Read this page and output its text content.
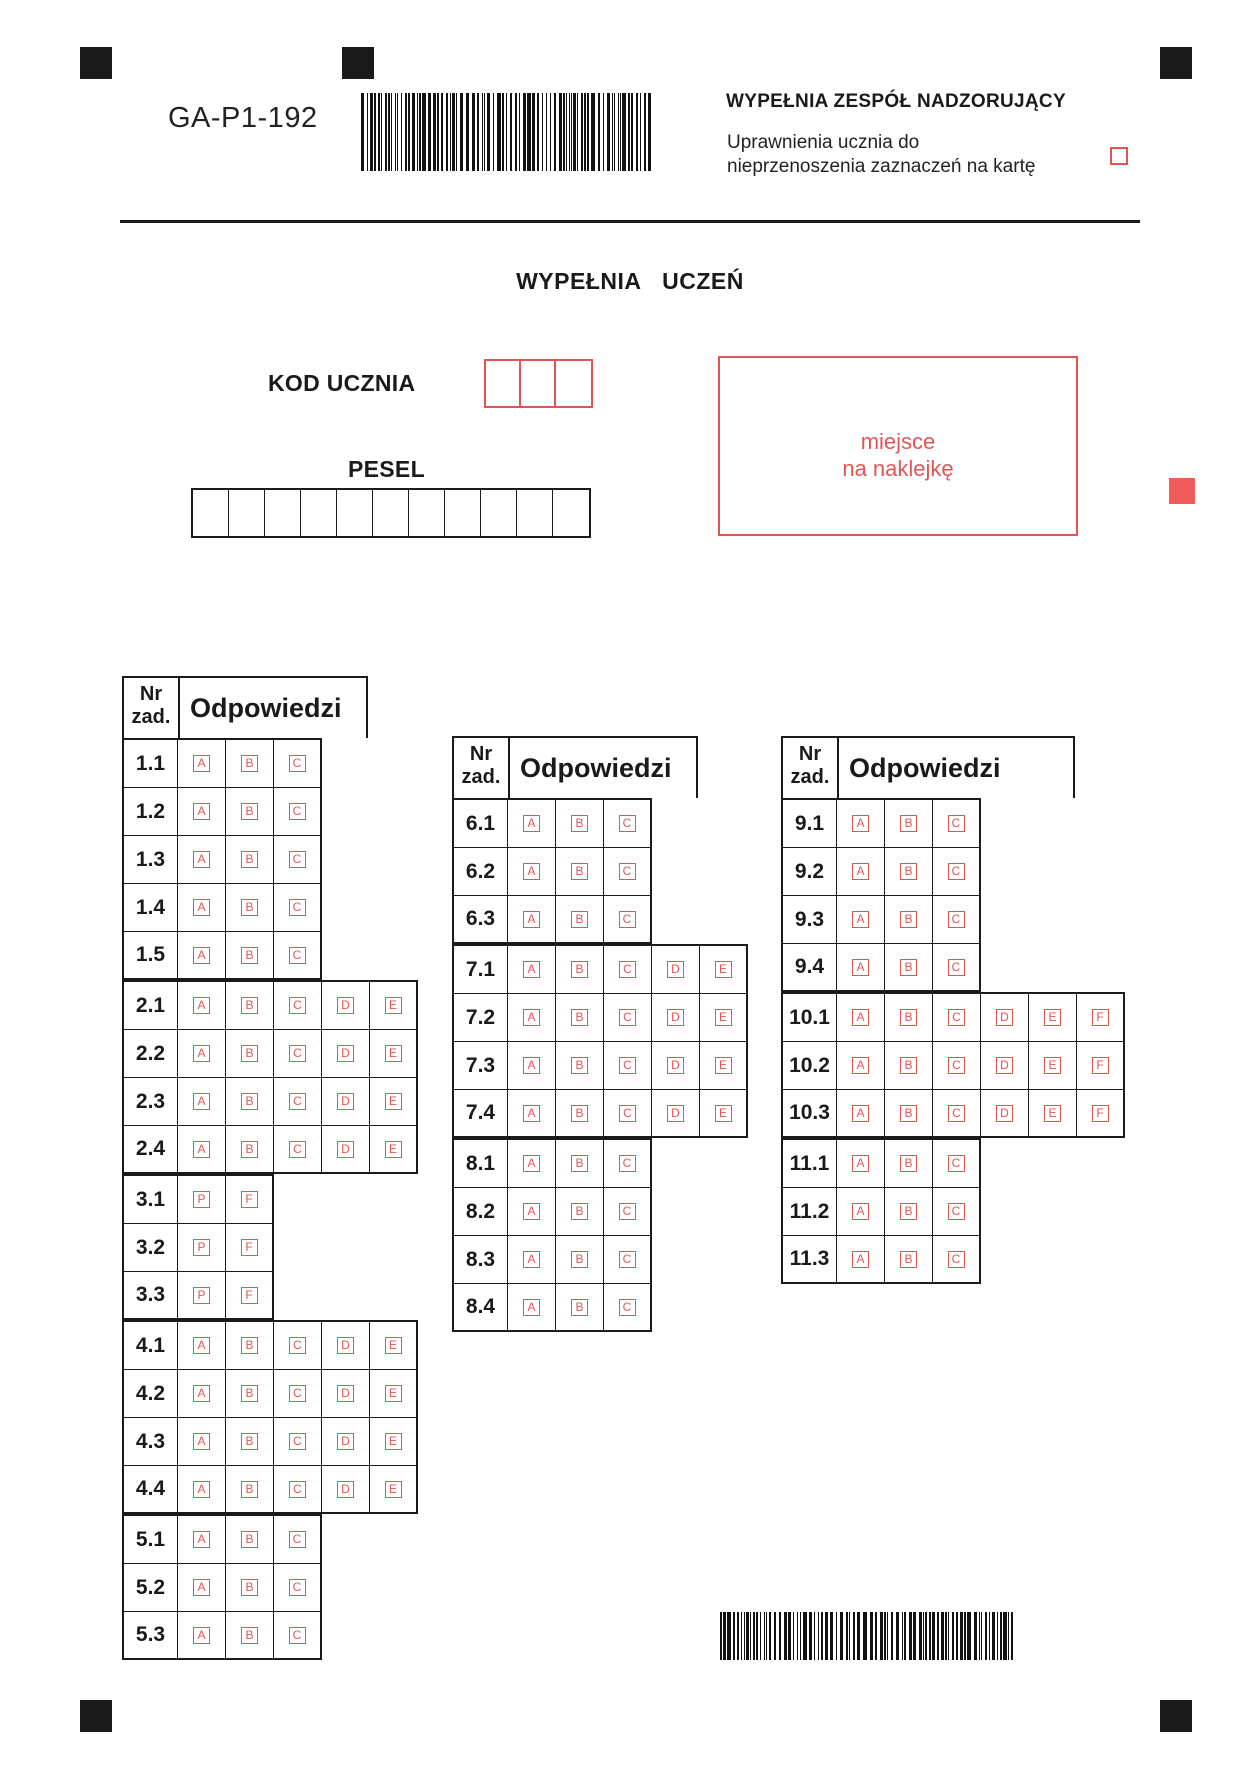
GA-P1-192
WYPEŁNIA ZESPÓŁ NADZORUJĄCY
Uprawnienia ucznia do
nieprzenoszenia zaznaczeń na kartę
WYPEŁNIA UCZEŃ
KOD UCZNIA
PESEL
miejsce
na naklejkę
Nr
zad. Odpowiedzi
1.1	A	B	C
1.2	A	B	C
1.3	A	B	C
1.4	A	B	C
1.5	A	B	C
2.1	A	B	C	D	E
2.2	A	B	C	D	E
2.3	A	B	C	D	E
2.4	A	B	C	D	E
3.1	P	F
3.2	P	F
3.3	P	F
4.1	A	B	C	D	E
4.2	A	B	C	D	E
4.3	A	B	C	D	E
4.4	A	B	C	D	E
5.1	A	B	C
5.2	A	B	C
5.3	A	B	C
Nr
zad. Odpowiedzi
6.1	A	B	C
6.2	A	B	C
6.3	A	B	C
7.1	A	B	C	D	E
7.2	A	B	C	D	E
7.3	A	B	C	D	E
7.4	A	B	C	D	E
8.1	A	B	C
8.2	A	B	C
8.3	A	B	C
8.4	A	B	C
Nr
zad. Odpowiedzi
9.1	A	B	C
9.2	A	B	C
9.3	A	B	C
9.4	A	B	C
10.1	A	B	C	D	E	F
10.2	A	B	C	D	E	F
10.3	A	B	C	D	E	F
11.1	A	B	C
11.2	A	B	C
11.3	A	B	C
